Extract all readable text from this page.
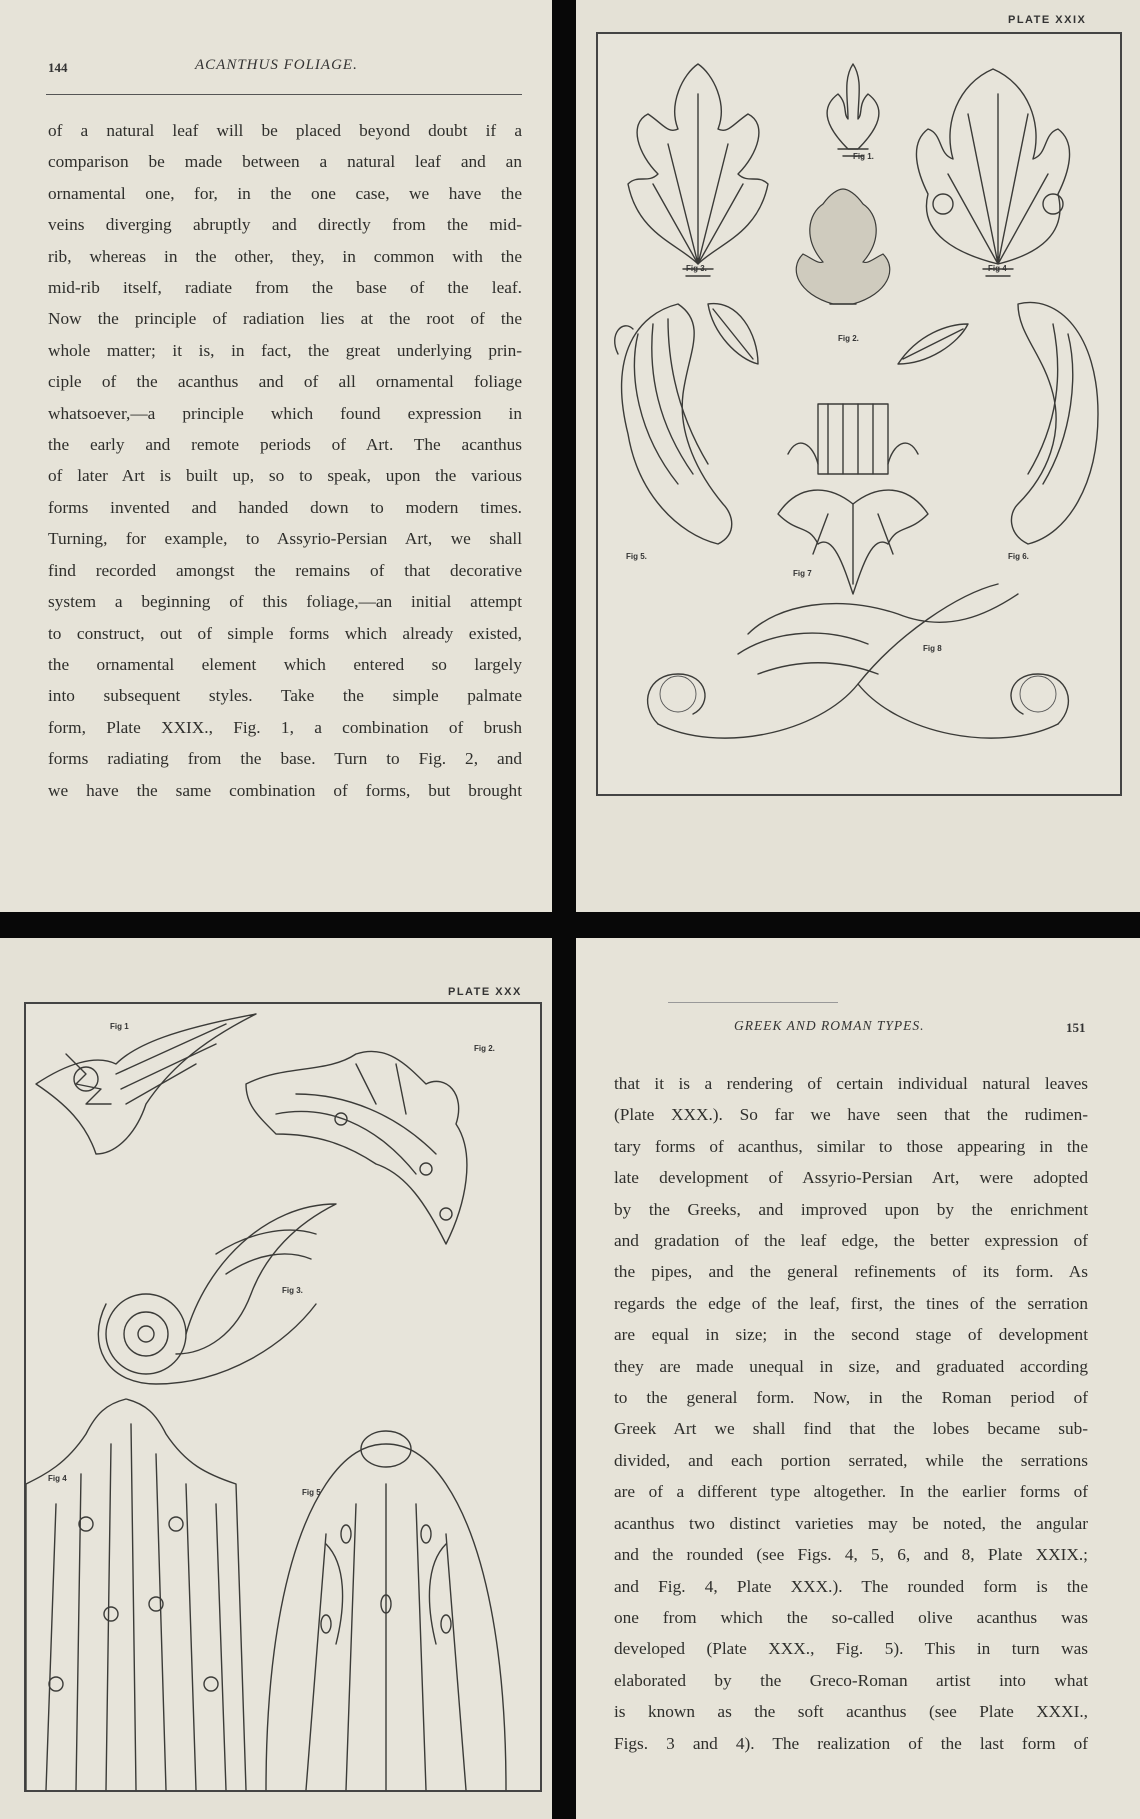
144	ACANTHUS FOLIAGE.
of a natural leaf will be placed beyond doubt if a
comparison be made between a natural leaf and an
ornamental one, for, in the one case, we have the
veins diverging abruptly and directly from the mid-
rib, whereas in the other, they, in common with the
mid-rib itself, radiate from the base of the leaf.
Now the principle of radiation lies at the root of the
whole matter; it is, in fact, the great underlying prin-
ciple of the acanthus and of all ornamental foliage
whatsoever,—a principle which found expression in
the early and remote periods of Art. The acanthus
of later Art is built up, so to speak, upon the various
forms invented and handed down to modern times.
Turning, for example, to Assyrio-Persian Art, we shall
find recorded amongst the remains of that decorative
system a beginning of this foliage,—an initial attempt
to construct, out of simple forms which already existed,
the ornamental element which entered so largely
into subsequent styles. Take the simple palmate
form, Plate XXIX., Fig. 1, a combination of brush
forms radiating from the base. Turn to Fig. 2, and
we have the same combination of forms, but brought
PLATE XXIX
Fig 1.
Fig 2.
Fig 3.	Fig 4
Fig 5.	Fig 6.
Fig 7
Fig 8
PLATE XXX
Fig 1
Fig 2.
Fig 3.
Fig 4
Fig 5
GREEK AND ROMAN TYPES.	151
that it is a rendering of certain individual natural leaves
(Plate XXX.). So far we have seen that the rudimen-
tary forms of acanthus, similar to those appearing in the
late development of Assyrio-Persian Art, were adopted
by the Greeks, and improved upon by the enrichment
and gradation of the leaf edge, the better expression of
the pipes, and the general refinements of its form. As
regards the edge of the leaf, first, the tines of the serration
are equal in size; in the second stage of development
they are made unequal in size, and graduated according
to the general form. Now, in the Roman period of
Greek Art we shall find that the lobes became sub-
divided, and each portion serrated, while the serrations
are of a different type altogether. In the earlier forms of
acanthus two distinct varieties may be noted, the angular
and the rounded (see Figs. 4, 5, 6, and 8, Plate XXIX.;
and Fig. 4, Plate XXX.). The rounded form is the
one from which the so-called olive acanthus was
developed (Plate XXX., Fig. 5). This in turn was
elaborated by the Greco-Roman artist into what
is known as the soft acanthus (see Plate XXXI.,
Figs. 3 and 4). The realization of the last form of
